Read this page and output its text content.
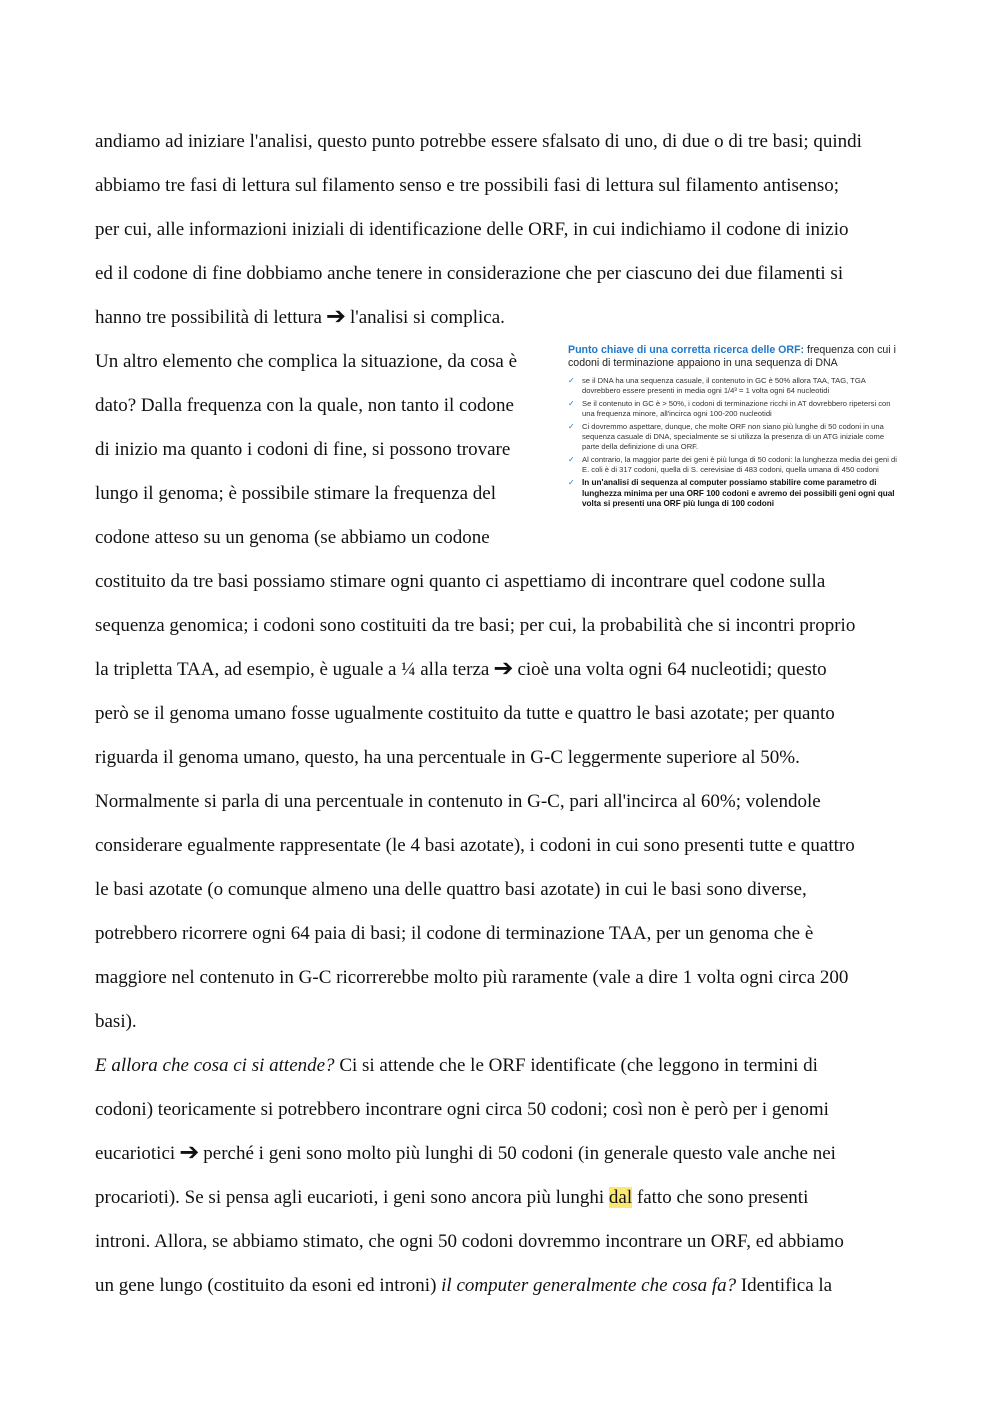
andiamo ad iniziare l'analisi, questo punto potrebbe essere sfalsato di uno, di due o di tre basi; quindi
abbiamo tre fasi di lettura sul filamento senso e tre possibili fasi di lettura sul filamento antisenso;
per cui, alle informazioni iniziali di identificazione delle ORF, in cui indichiamo il codone di inizio
ed il codone di fine dobbiamo anche tenere in considerazione che per ciascuno dei due filamenti si
hanno tre possibilità di lettura ➔ l'analisi si complica.
Un altro elemento che complica la situazione, da cosa è
dato? Dalla frequenza con la quale, non tanto il codone
di inizio ma quanto i codoni di fine, si possono trovare
lungo il genoma; è possibile stimare la frequenza del
codone atteso su un genoma (se abbiamo un codone
Punto chiave di una corretta ricerca delle ORF: frequenza con cui i codoni di terminazione appaiono in una sequenza di DNA
✓ se il DNA ha una sequenza casuale, il contenuto in GC è 50% allora TAA, TAG, TGA dovrebbero essere presenti in media ogni 1/4³ = 1 volta ogni 64 nucleotidi
✓ Se il contenuto in GC è > 50%, i codoni di terminazione ricchi in AT dovrebbero ripetersi con una frequenza minore, all'incirca ogni 100-200 nucleotidi
✓ Ci dovremmo aspettare, dunque, che molte ORF non siano più lunghe di 50 codoni in una sequenza casuale di DNA, specialmente se si utilizza la presenza di un ATG iniziale come parte della definizione di una ORF.
✓ Al contrario, la maggior parte dei geni è più lunga di 50 codoni: la lunghezza media dei geni di E. coli è di 317 codoni, quella di S. cerevisiae di 483 codoni, quella umana di 450 codoni
✓ In un'analisi di sequenza al computer possiamo stabilire come parametro di lunghezza minima per una ORF 100 codoni e avremo dei possibili geni ogni qual volta si presenti una ORF più lunga di 100 codoni
costituito da tre basi possiamo stimare ogni quanto ci aspettiamo di incontrare quel codone sulla
sequenza genomica; i codoni sono costituiti da tre basi; per cui, la probabilità che si incontri proprio
la tripletta TAA, ad esempio, è uguale a ¼ alla terza ➔ cioè una volta ogni 64 nucleotidi; questo
però se il genoma umano fosse ugualmente costituito da tutte e quattro le basi azotate; per quanto
riguarda il genoma umano, questo, ha una percentuale in G-C leggermente superiore al 50%.
Normalmente si parla di una percentuale in contenuto in G-C, pari all'incirca al 60%; volendole
considerare egualmente rappresentate (le 4 basi azotate), i codoni in cui sono presenti tutte e quattro
le basi azotate (o comunque almeno una delle quattro basi azotate) in cui le basi sono diverse,
potrebbero ricorrere ogni 64 paia di basi; il codone di terminazione TAA, per un genoma che è
maggiore nel contenuto in G-C ricorrerebbe molto più raramente (vale a dire 1 volta ogni circa 200
basi).
E allora che cosa ci si attende? Ci si attende che le ORF identificate (che leggono in termini di
codoni) teoricamente si potrebbero incontrare ogni circa 50 codoni; così non è però per i genomi
eucariotici ➔ perché i geni sono molto più lunghi di 50 codoni (in generale questo vale anche nei
procarioti). Se si pensa agli eucarioti, i geni sono ancora più lunghi dal fatto che sono presenti
introni. Allora, se abbiamo stimato, che ogni 50 codoni dovremmo incontrare un ORF, ed abbiamo
un gene lungo (costituito da esoni ed introni) il computer generalmente che cosa fa? Identifica la
